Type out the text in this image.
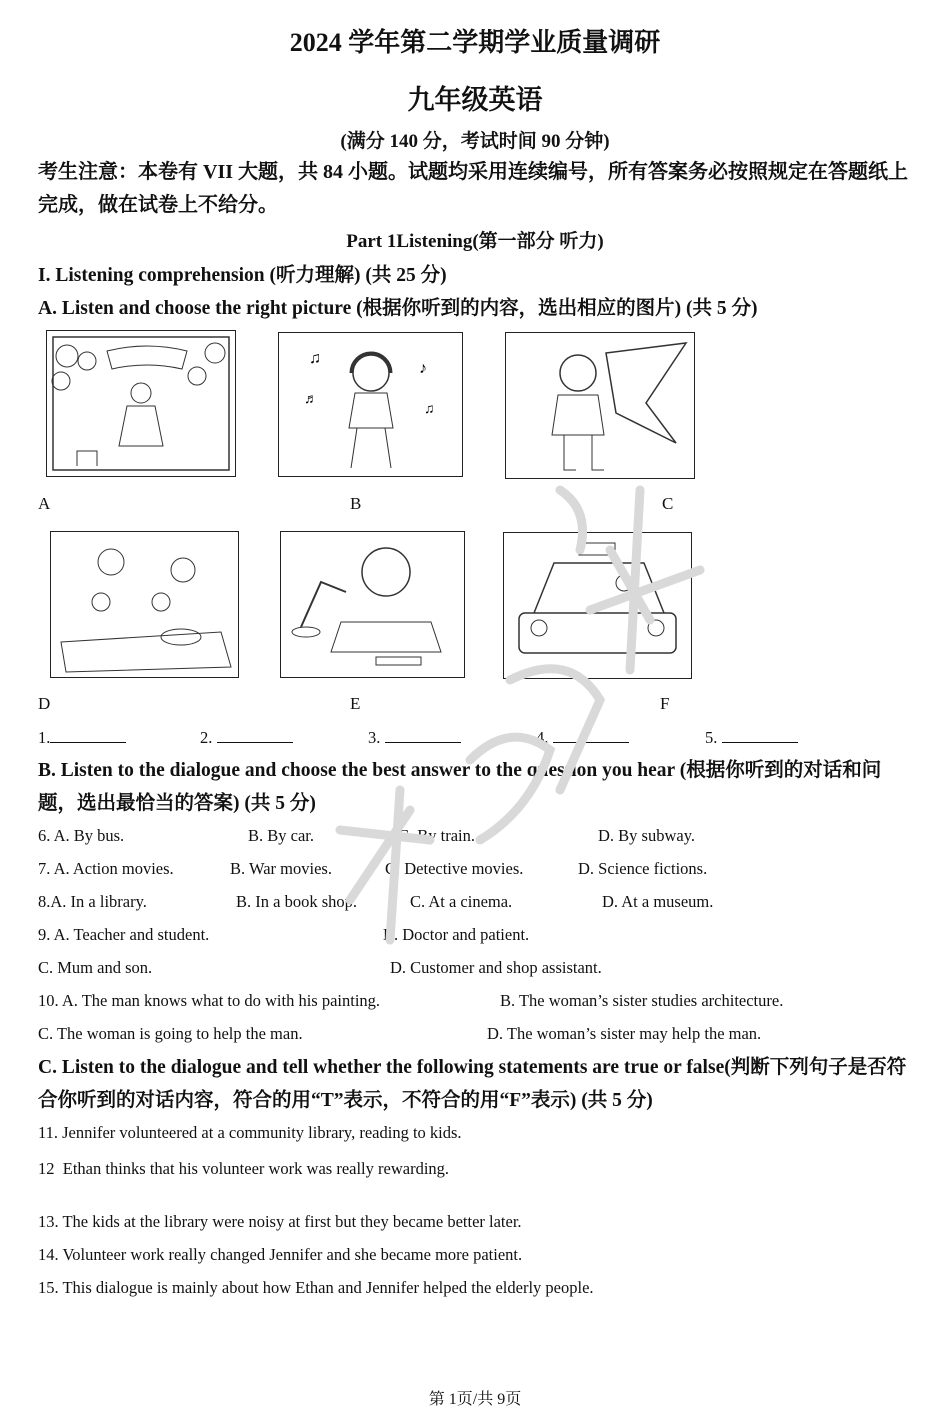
2024 学年第二学期学业质量调研
九年级英语
(满分 140 分，考试时间 90 分钟)
考生注意：本卷有 VII 大题，共 84 小题。试题均采用连续编号，所有答案务必按照规定在答题纸上完成，做在试卷上不给分。
Part 1Listening(第一部分 听力)
I. Listening comprehension (听力理解) (共 25 分)
A. Listen and choose the right picture (根据你听到的内容，选出相应的图片) (共 5 分)
♫
♪
♬
♫
A	B	C
D	E	F
1.	2.	3.	4.	5.
B. Listen to the dialogue and choose the best answer to the question you hear (根据你听到的对话和问题，选出最恰当的答案) (共 5 分)
6. A. By bus.	B. By car.	C. By train.	D. By subway.
7. A. Action movies.	B. War movies.	C. Detective movies.	D. Science fictions.
8.A. In a library.	B. In a book shop.	C. At a cinema.	D. At a museum.
9. A. Teacher and student.	B. Doctor and patient.
C. Mum and son.	D. Customer and shop assistant.
10. A. The man knows what to do with his painting.	B. The woman’s sister studies architecture.
C. The woman is going to help the man.	D. The woman’s sister may help the man.
C. Listen to the dialogue and tell whether the following statements are true or false(判断下列句子是否符合你听到的对话内容，符合的用“T”表示，不符合的用“F”表示) (共 5 分)
11. Jennifer volunteered at a community library, reading to kids.
12  Ethan thinks that his volunteer work was really rewarding.
13. The kids at the library were noisy at first but they became better later.
14. Volunteer work really changed Jennifer and she became more patient.
15. This dialogue is mainly about how Ethan and Jennifer helped the elderly people.
第 1页/共 9页
